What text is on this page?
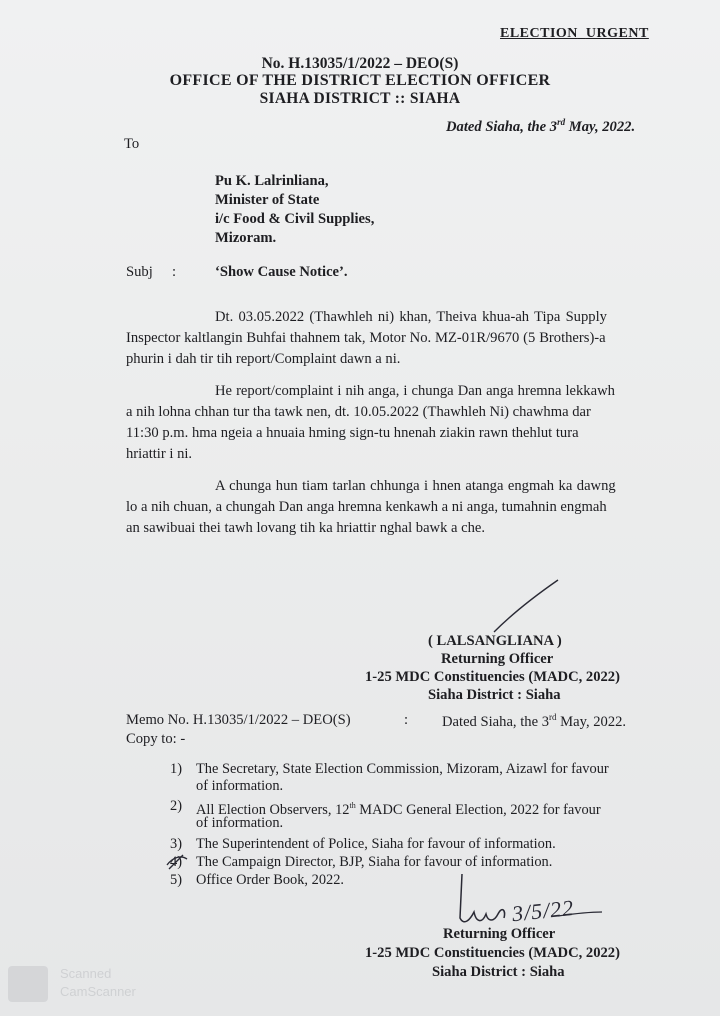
ELECTION URGENT
No. H.13035/1/2022 – DEO(S)
OFFICE OF THE DISTRICT ELECTION OFFICER
SIAHA DISTRICT :: SIAHA
Dated Siaha, the 3rd May, 2022.
To
Pu K. Lalrinliana,
Minister of State
i/c Food & Civil Supplies,
Mizoram.
Subj :	‘Show Cause Notice’.
Dt. 03.05.2022 (Thawhleh ni) khan, Theiva khua-ah Tipa Supply
Inspector kaltlangin Buhfai thahnem tak, Motor No. MZ-01R/9670 (5 Brothers)-a
phurin i dah tir tih report/Complaint dawn a ni.
He report/complaint i nih anga, i chunga Dan anga hremna lekkawh
a nih lohna chhan tur tha tawk nen, dt. 10.05.2022 (Thawhleh Ni) chawhma dar
11:30 p.m. hma ngeia a hnuaia hming sign-tu hnenah ziakin rawn thehlut tura
hriattir i ni.
A chunga hun tiam tarlan chhunga i hnen atanga engmah ka dawng
lo a nih chuan, a chungah Dan anga hremna kenkawh a ni anga, tumahnin engmah
an sawibuai thei tawh lovang tih ka hriattir nghal bawk a che.
( LALSANGLIANA )
Returning Officer
1-25 MDC Constituencies (MADC, 2022)
Siaha District : Siaha
Memo No. H.13035/1/2022 – DEO(S)	: Dated Siaha, the 3rd May, 2022.
Copy to: -
1) The Secretary, State Election Commission, Mizoram, Aizawl for favour
of information.
2) All Election Observers, 12th MADC General Election, 2022 for favour
of information.
3) The Superintendent of Police, Siaha for favour of information.
4) The Campaign Director, BJP, Siaha for favour of information.
5) Office Order Book, 2022.
3/5/22
Returning Officer
1-25 MDC Constituencies (MADC, 2022)
Siaha District : Siaha
Scanned
CamScanner
